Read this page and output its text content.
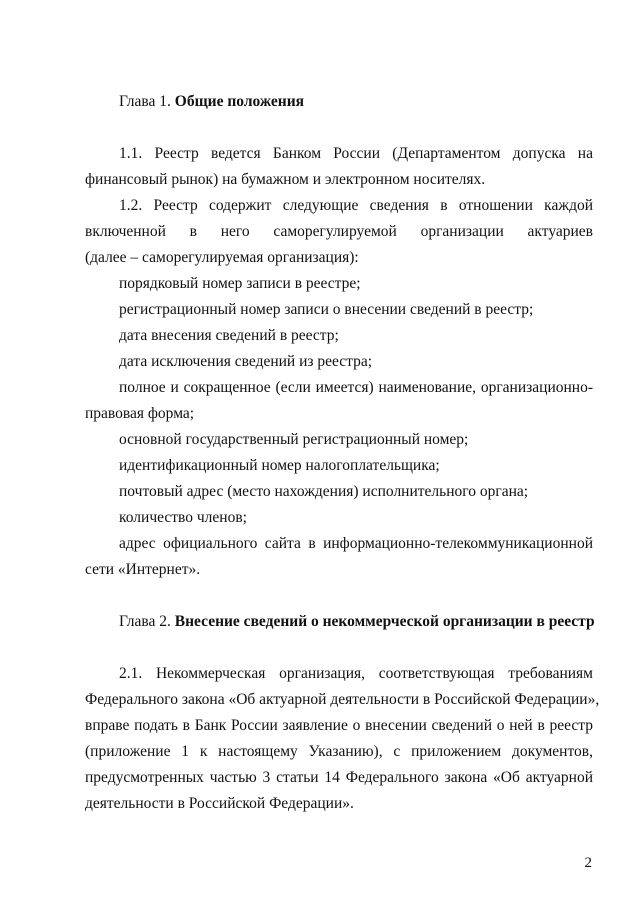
Глава 1. Общие положения
1.1. Реестр ведется Банком России (Департаментом допуска на
финансовый рынок) на бумажном и электронном носителях.
1.2. Реестр содержит следующие сведения в отношении каждой
включенной в него саморегулируемой организации актуариев
(далее – саморегулируемая организация):
порядковый номер записи в реестре;
регистрационный номер записи о внесении сведений в реестр;
дата внесения сведений в реестр;
дата исключения сведений из реестра;
полное и сокращенное (если имеется) наименование, организационно-
правовая форма;
основной государственный регистрационный номер;
идентификационный номер налогоплательщика;
почтовый адрес (место нахождения) исполнительного органа;
количество членов;
адрес официального сайта в информационно-телекоммуникационной
сети «Интернет».
Глава 2. Внесение сведений о некоммерческой организации в реестр
2.1. Некоммерческая организация, соответствующая требованиям
Федерального закона «Об актуарной деятельности в Российской Федерации»,
вправе подать в Банк России заявление о внесении сведений о ней в реестр
(приложение 1 к настоящему Указанию), с приложением документов,
предусмотренных частью 3 статьи 14 Федерального закона «Об актуарной
деятельности в Российской Федерации».
2
